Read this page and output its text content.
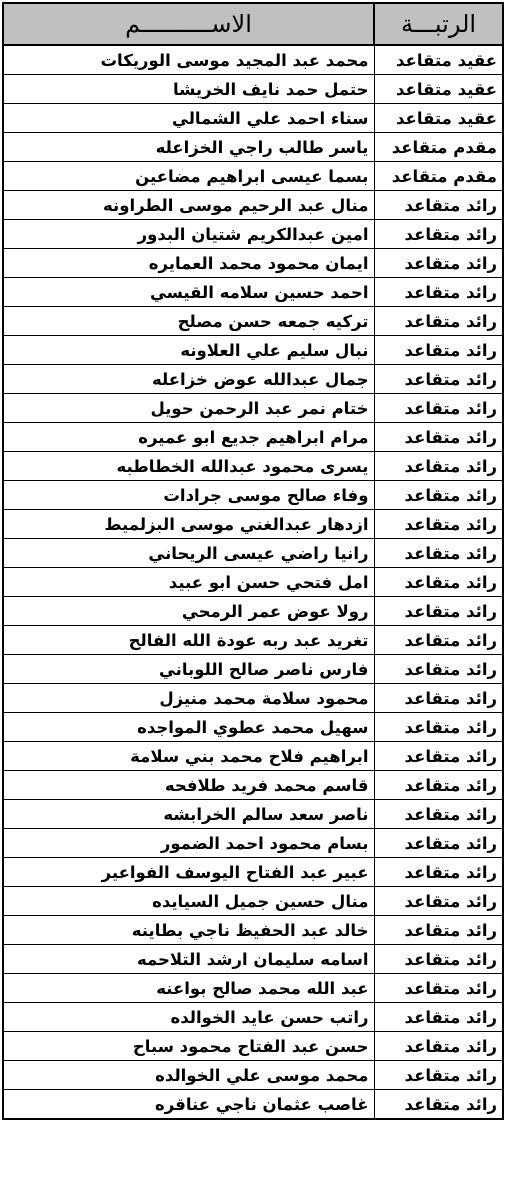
الرتبـــة	الاســــــــــم
عقيد متقاعد	محمد عبد المجيد موسى الوريكات
عقيد متقاعد	حتمل حمد نايف الخريشا
عقيد متقاعد	سناء احمد علي الشمالي
مقدم متقاعد	ياسر طالب راجي الخزاعله
مقدم متقاعد	بسما عيسى ابراهيم مضاعين
رائد متقاعد	منال عبد الرحيم موسى الطراونه
رائد متقاعد	امين عبدالكريم شتيان البدور
رائد متقاعد	ايمان محمود محمد العمايره
رائد متقاعد	احمد حسين سلامه القيسي
رائد متقاعد	تركيه جمعه حسن مصلح
رائد متقاعد	نبال سليم علي العلاونه
رائد متقاعد	جمال عبدالله عوض خزاعله
رائد متقاعد	ختام نمر عبد الرحمن حويل
رائد متقاعد	مرام ابراهيم جديع ابو عميره
رائد متقاعد	يسرى محمود عبدالله الخطاطبه
رائد متقاعد	وفاء صالح موسى جرادات
رائد متقاعد	ازدهار عبدالغني موسى البزلميط
رائد متقاعد	رانيا راضي عيسى الريحاني
رائد متقاعد	امل فتحي حسن ابو عبيد
رائد متقاعد	رولا عوض عمر الرمحي
رائد متقاعد	تغريد عبد ربه عودة الله الفالح
رائد متقاعد	فارس ناصر صالح اللوباني
رائد متقاعد	محمود سلامة محمد منيزل
رائد متقاعد	سهيل محمد عطوي المواجده
رائد متقاعد	ابراهيم فلاح محمد بني سلامة
رائد متقاعد	قاسم محمد فريد طلافحه
رائد متقاعد	ناصر سعد سالم الخرابشه
رائد متقاعد	بسام محمود احمد الضمور
رائد متقاعد	عبير عبد الفتاح اليوسف الفواعير
رائد متقاعد	منال حسين جميل السيايده
رائد متقاعد	خالد عبد الحفيظ ناجي بطاينه
رائد متقاعد	اسامه سليمان ارشد التلاحمه
رائد متقاعد	عبد الله محمد صالح بواعنه
رائد متقاعد	راتب حسن عايد الخوالده
رائد متقاعد	حسن عبد الفتاح محمود سباح
رائد متقاعد	محمد موسى علي الخوالده
رائد متقاعد	غاصب عثمان ناجي عناقره
